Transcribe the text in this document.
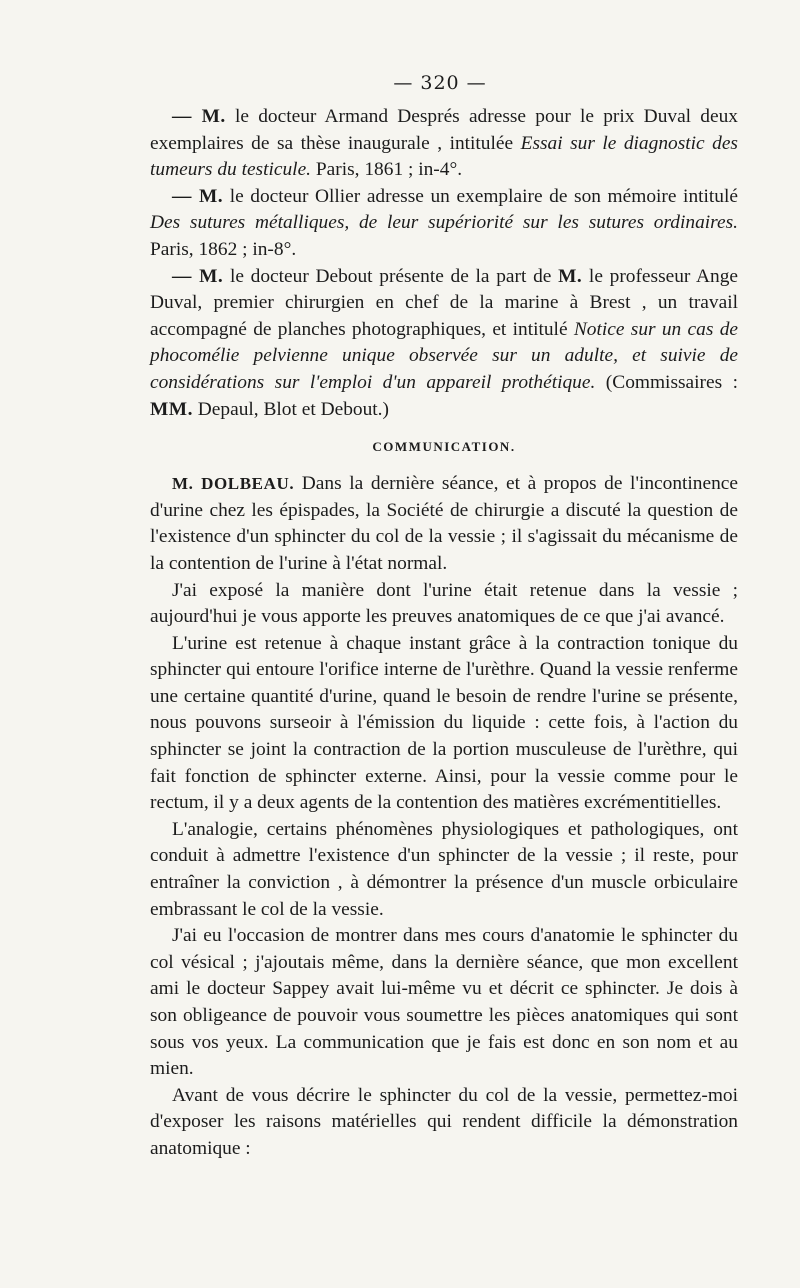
— 320 —

— M. le docteur Armand Després adresse pour le prix Duval deux exemplaires de sa thèse inaugurale , intitulée Essai sur le diagnostic des tumeurs du testicule. Paris, 1861 ; in-4°.

— M. le docteur Ollier adresse un exemplaire de son mémoire intitulé Des sutures métalliques, de leur supériorité sur les sutures ordinaires. Paris, 1862 ; in-8°.

— M. le docteur Debout présente de la part de M. le professeur Ange Duval, premier chirurgien en chef de la marine à Brest , un travail accompagné de planches photographiques, et intitulé Notice sur un cas de phocomélie pelvienne unique observée sur un adulte, et suivie de considérations sur l'emploi d'un appareil prothétique. (Commissaires : MM. Depaul, Blot et Debout.)

COMMUNICATION.

M. DOLBEAU. Dans la dernière séance, et à propos de l'incontinence d'urine chez les épispades, la Société de chirurgie a discuté la question de l'existence d'un sphincter du col de la vessie ; il s'agissait du mécanisme de la contention de l'urine à l'état normal.

J'ai exposé la manière dont l'urine était retenue dans la vessie ; aujourd'hui je vous apporte les preuves anatomiques de ce que j'ai avancé.

L'urine est retenue à chaque instant grâce à la contraction tonique du sphincter qui entoure l'orifice interne de l'urèthre. Quand la vessie renferme une certaine quantité d'urine, quand le besoin de rendre l'urine se présente, nous pouvons surseoir à l'émission du liquide : cette fois, à l'action du sphincter se joint la contraction de la portion musculeuse de l'urèthre, qui fait fonction de sphincter externe. Ainsi, pour la vessie comme pour le rectum, il y a deux agents de la contention des matières excrémentitielles.

L'analogie, certains phénomènes physiologiques et pathologiques, ont conduit à admettre l'existence d'un sphincter de la vessie ; il reste, pour entraîner la conviction , à démontrer la présence d'un muscle orbiculaire embrassant le col de la vessie.

J'ai eu l'occasion de montrer dans mes cours d'anatomie le sphincter du col vésical ; j'ajoutais même, dans la dernière séance, que mon excellent ami le docteur Sappey avait lui-même vu et décrit ce sphincter. Je dois à son obligeance de pouvoir vous soumettre les pièces anatomiques qui sont sous vos yeux. La communication que je fais est donc en son nom et au mien.

Avant de vous décrire le sphincter du col de la vessie, permettez-moi d'exposer les raisons matérielles qui rendent difficile la démonstration anatomique :
